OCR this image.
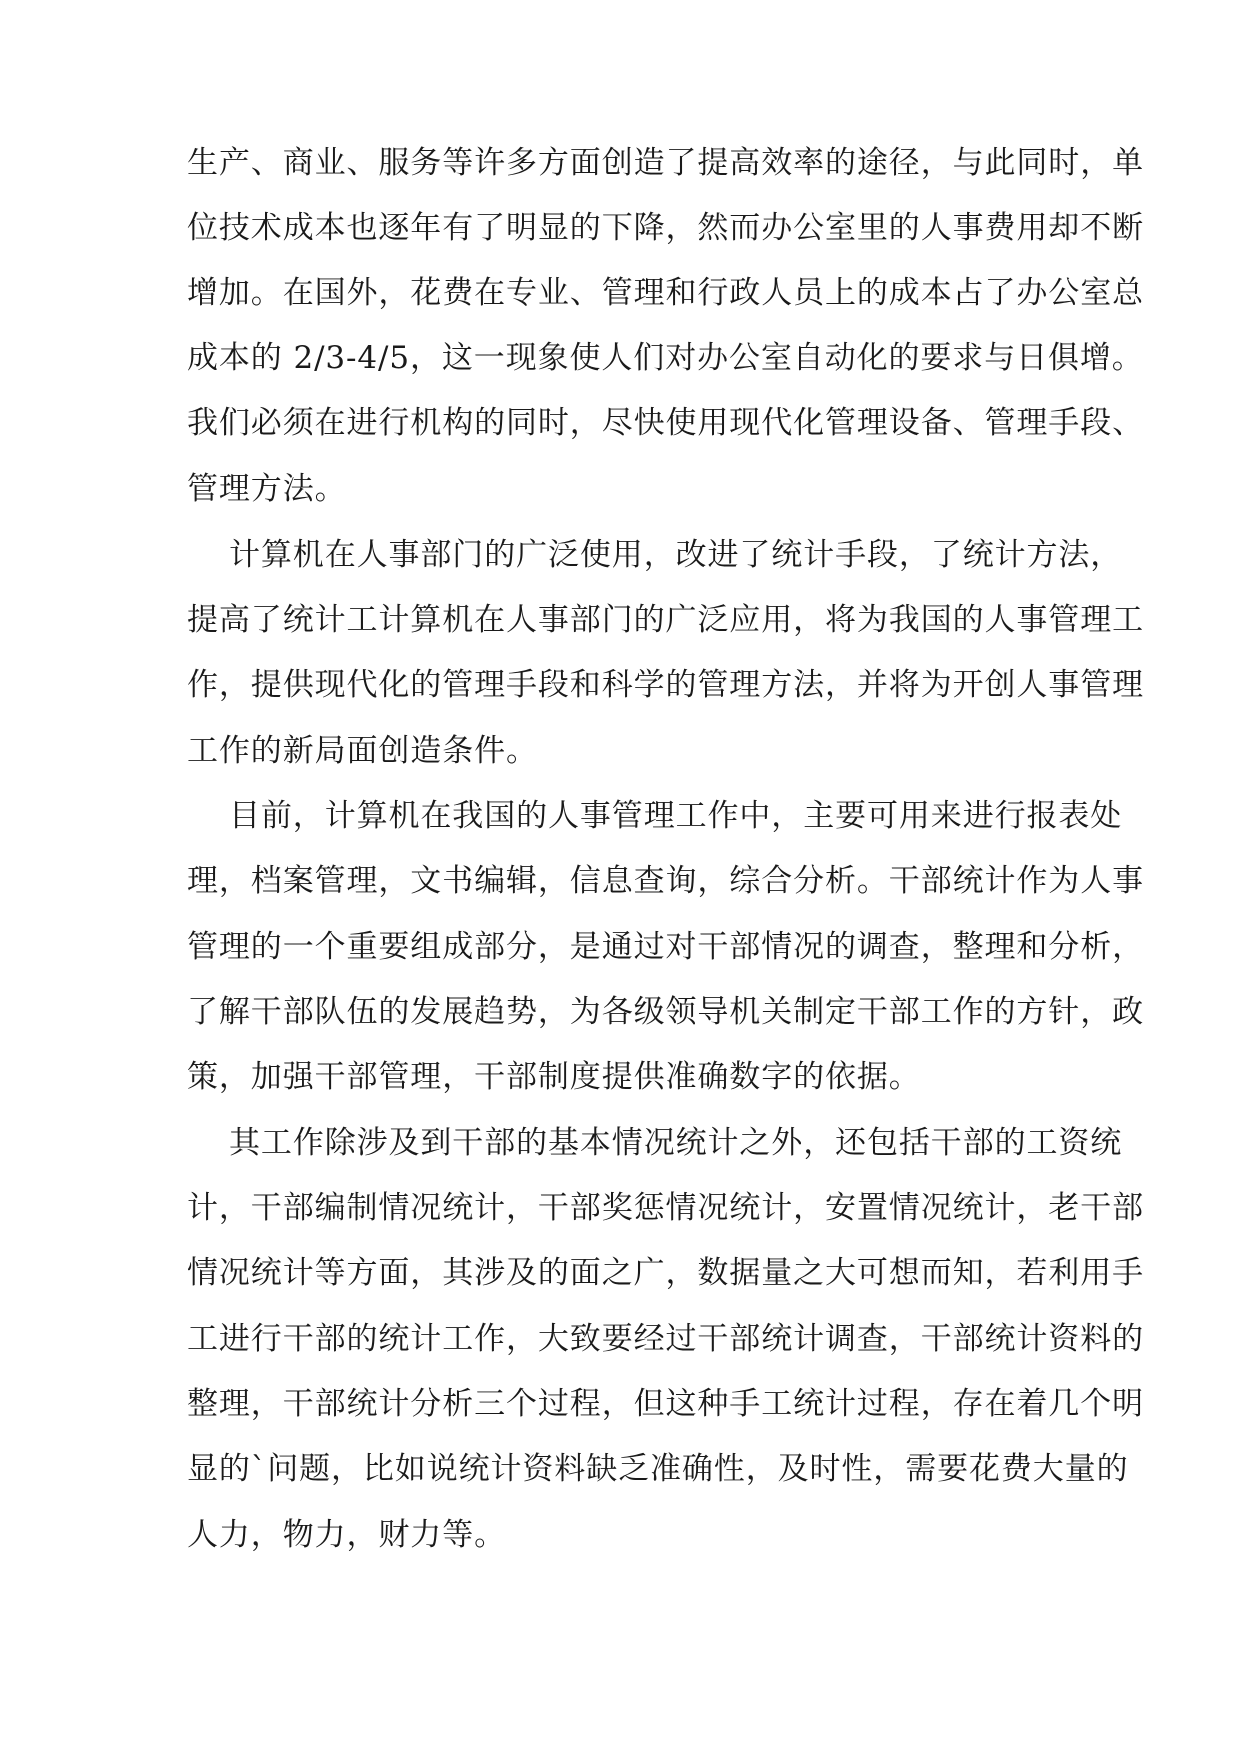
生产、商业、服务等许多方面创造了提高效率的途径，与此同时，单
位技术成本也逐年有了明显的下降，然而办公室里的人事费用却不断
增加。在国外，花费在专业、管理和行政人员上的成本占了办公室总
成本的 2/3-4/5，这一现象使人们对办公室自动化的要求与日俱增。
我们必须在进行机构的同时，尽快使用现代化管理设备、管理手段、
管理方法。
计算机在人事部门的广泛使用，改进了统计手段，了统计方法，
提高了统计工计算机在人事部门的广泛应用，将为我国的人事管理工
作，提供现代化的管理手段和科学的管理方法，并将为开创人事管理
工作的新局面创造条件。
目前，计算机在我国的人事管理工作中，主要可用来进行报表处
理，档案管理，文书编辑，信息查询，综合分析。干部统计作为人事
管理的一个重要组成部分，是通过对干部情况的调查，整理和分析，
了解干部队伍的发展趋势，为各级领导机关制定干部工作的方针，政
策，加强干部管理，干部制度提供准确数字的依据。
其工作除涉及到干部的基本情况统计之外，还包括干部的工资统
计，干部编制情况统计，干部奖惩情况统计，安置情况统计，老干部
情况统计等方面，其涉及的面之广，数据量之大可想而知，若利用手
工进行干部的统计工作，大致要经过干部统计调查，干部统计资料的
整理，干部统计分析三个过程，但这种手工统计过程，存在着几个明
显的`问题，比如说统计资料缺乏准确性，及时性，需要花费大量的
人力，物力，财力等。
